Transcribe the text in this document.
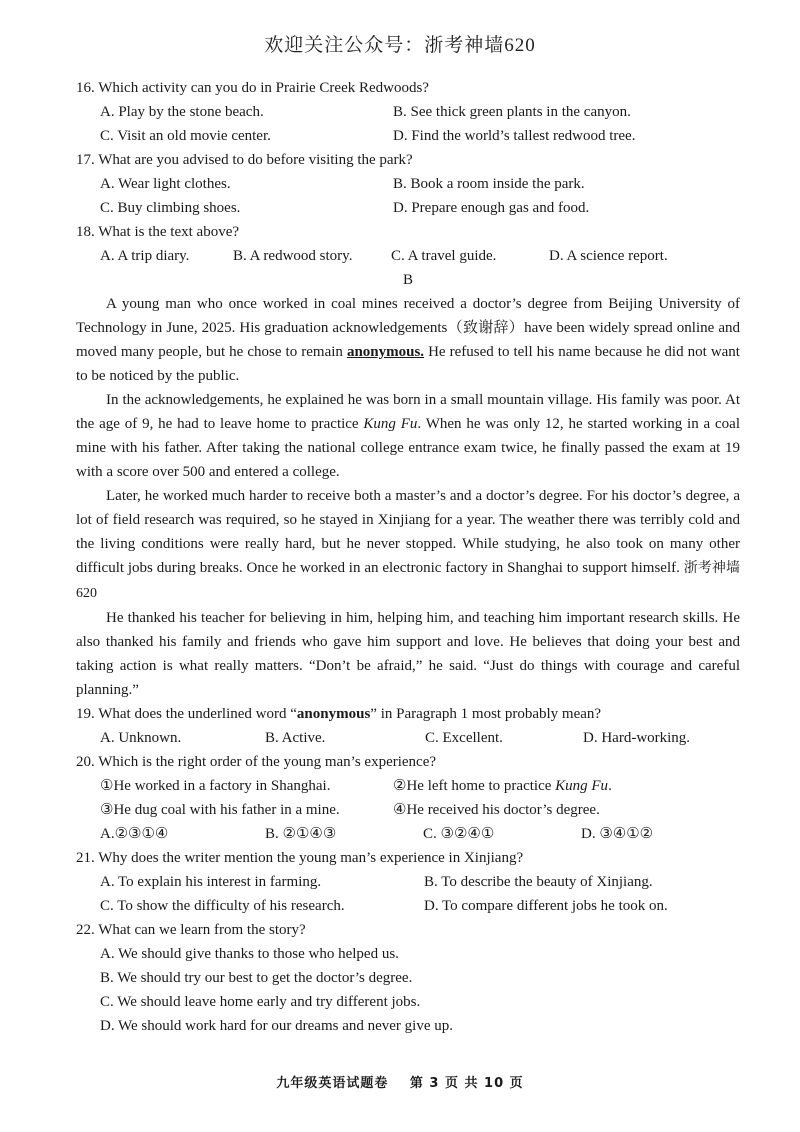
欢迎关注公众号：浙考神墙620

16. Which activity can you do in Prairie Creek Redwoods?

A. Play by the stone beach.	B. See thick green plants in the canyon.
C. Visit an old movie center.	D. Find the world’s tallest redwood tree.

17. What are you advised to do before visiting the park?

A. Wear light clothes.	B. Book a room inside the park.
C. Buy climbing shoes.	D. Prepare enough gas and food.

18. What is the text above?

A. A trip diary.	B. A redwood story.	C. A travel guide.	D. A science report.

B

A young man who once worked in coal mines received a doctor’s degree from Beijing University of Technology in June, 2025. His graduation acknowledgements（致谢辞）have been widely spread online and moved many people, but he chose to remain anonymous. He refused to tell his name because he did not want to be noticed by the public.

In the acknowledgements, he explained he was born in a small mountain village. His family was poor. At the age of 9, he had to leave home to practice Kung Fu. When he was only 12, he started working in a coal mine with his father. After taking the national college entrance exam twice, he finally passed the exam at 19 with a score over 500 and entered a college.

Later, he worked much harder to receive both a master’s and a doctor’s degree. For his doctor’s degree, a lot of field research was required, so he stayed in Xinjiang for a year. The weather there was terribly cold and the living conditions were really hard, but he never stopped. While studying, he also took on many other difficult jobs during breaks. Once he worked in an electronic factory in Shanghai to support himself. 浙考神墙620

He thanked his teacher for believing in him, helping him, and teaching him important research skills. He also thanked his family and friends who gave him support and love. He believes that doing your best and taking action is what really matters. “Don’t be afraid,” he said. “Just do things with courage and careful planning.”

19. What does the underlined word “anonymous” in Paragraph 1 most probably mean?

A. Unknown.	B. Active.	C. Excellent.	D. Hard-working.

20. Which is the right order of the young man’s experience?

①He worked in a factory in Shanghai.	②He left home to practice Kung Fu.
③He dug coal with his father in a mine.	④He received his doctor’s degree.
A.②③①④	B. ②①④③	C. ③②④①	D. ③④①②

21. Why does the writer mention the young man’s experience in Xinjiang?

A. To explain his interest in farming.	B. To describe the beauty of Xinjiang.
C. To show the difficulty of his research.	D. To compare different jobs he took on.

22. What can we learn from the story?

A. We should give thanks to those who helped us.
B. We should try our best to get the doctor’s degree.
C. We should leave home early and try different jobs.
D. We should work hard for our dreams and never give up.
九年级英语试题卷 第 3 页 共 10 页
